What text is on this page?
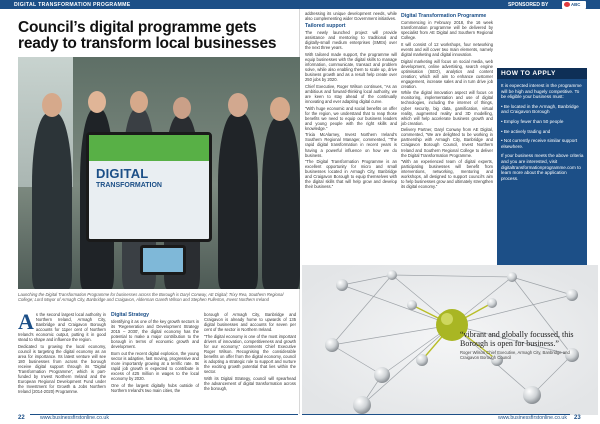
DIGITAL TRANSFORMATION PROGRAMME	SPONSORED BY	ABC
Council’s digital programme gets ready to transform local businesses
DIGITAL
TRANSFORMATION

Launching the Digital Transformation Programme for businesses across the Borough is Daryl Conway, AE Digital; Trixy Rea, Southern Regional College; Lord Mayor of Armagh City, Banbridge and Craigavon, Alderman Gareth Wilson and Stephen Fullerton, Invest Northern Ireland

As the second largest local authority in Northern Ireland, Armagh City, Banbridge and Craigavon Borough accounts for 11per cent of Northern Ireland’s economic output, putting it in good stead to shape and influence the region.

Dedicated to growing the local economy, council is targeting the digital economy as an area for importance. Its latest venture will see 180 businesses from across the borough receive digital support through its “Digital Transformation Programme”, which is part-funded by Invest Northern Ireland and the European Regional Development Fund under the Investment for Growth & Jobs Northern Ireland (2014-2020) Programme.

Digital Strategy

Identifying it as one of the key growth sectors in its ‘Regeneration and Development Strategy 2015 – 2030’, the digital economy has the potential to make a major contribution to the borough in terms of economic growth and development.

Born out the recent digital explosion, the young sector is adaptive, fast moving, progressive and more importantly growing at a terrific rate. Its rapid job growth is expected to contribute in excess of £25 million in wages to the local economy by 2020.

One of the largest digitally hubs outside of Northern Ireland’s two main cities, the

borough of Armagh City, Banbridge and Craigavon is already home to upwards of 135 digital businesses and accounts for seven per cent of the sector in Northern Ireland.

“The digital economy is one of the most important drivers of innovation, competitiveness and growth for our economy,” comments Chief Executive Roger Wilson. Recognising the considerable benefits on offer from the digital economy, council is adopting a strategic role to support and nurture the exciting growth potential that lies within the sector.

With its Digital Strategy, council will spearhead the advancement of digital transformation across the borough,

addressing its unique development needs, while also complementing wider Government initiatives.

Tailored support

The newly launched project will provide assistance and mentoring to traditional and digitally-small medium enterprises (SMEs) over the next three years.

With tailored made support, the programme will equip businesses with the digital skills to manage information, communicate, transact and problem solve, while also enabling them to scale up, drive business growth and as a result help create over 250 jobs by 2020.

Chief Executive, Roger Wilson continues, “As an ambitious and forward-thinking local authority, we are keen to stay ahead of the continually innovating and ever adapting digital curve.

“With huge economic and social benefits on offer for the region, we understand that to reap those benefits we need to equip our business leaders and young people with the right skills and knowledge.”

Trixia McAlarney, Invest Northern Ireland’s Southern Regional Manager, commented, “The rapid digital transformation in recent years is having a powerful influence on how we do business.

“The Digital Transformation Programme is an excellent opportunity for micro and small businesses located in Armagh City, Banbridge and Craigavon Borough to equip themselves with the digital skills that will help grow and develop their business.”

Digital Transformation Programme

Commencing in February 2018, the 16 week transformation programme will be delivered by specialist from AE Digital and Southern Regional College.

It will consist of 12 workshops, four networking events and will cover two main elements, namely digital marketing and digital innovation.

Digital marketing will focus on social media, web development, online advertising, search engine optimisation (SEO), analytics and content creation; which will aim to enhance customer engagement, increase sales and in turn drive job creation.

While the digital innovation aspect will focus on monitoring, implementation and use of digital technologies, including the internet of things, cyber security, big data, gamification, virtual reality, augmented reality and 3D modelling, which will help accelerate business growth and job creation.

Delivery Partner, Daryl Conway from AE Digital, commented, “We are delighted to be working in partnership with Armagh City, Banbridge and Craigavon Borough Council, Invest Northern Ireland and Southern Regional College to deliver the Digital Transformation Programme.

“With an experienced team of digital experts, participating businesses will benefit from interventions, networking, mentoring and workshops, all designed to support council’s aim to help businesses grow and ultimately strengthen its digital economy.”

HOW TO APPLY

It is expected interest in the programme will be high and hugely competitive. To be eligible your business must:

• Be located in the Armagh, Banbridge and Craigavon Borough

• Employ fewer than 50 people

• Be actively trading and

• Not currently receive similar support elsewhere.

If your business meets the above criteria and you are interested, visit digitaltransformationprogramme.com to learn more about the application process.

“vibrant and globally focussed, this Borough is open for business.”

Roger Wilson Chief Executive, Armagh City, Banbridge and Craigavon Borough Council

22	www.businessfirstonline.co.uk	www.businessfirstonline.co.uk 23
